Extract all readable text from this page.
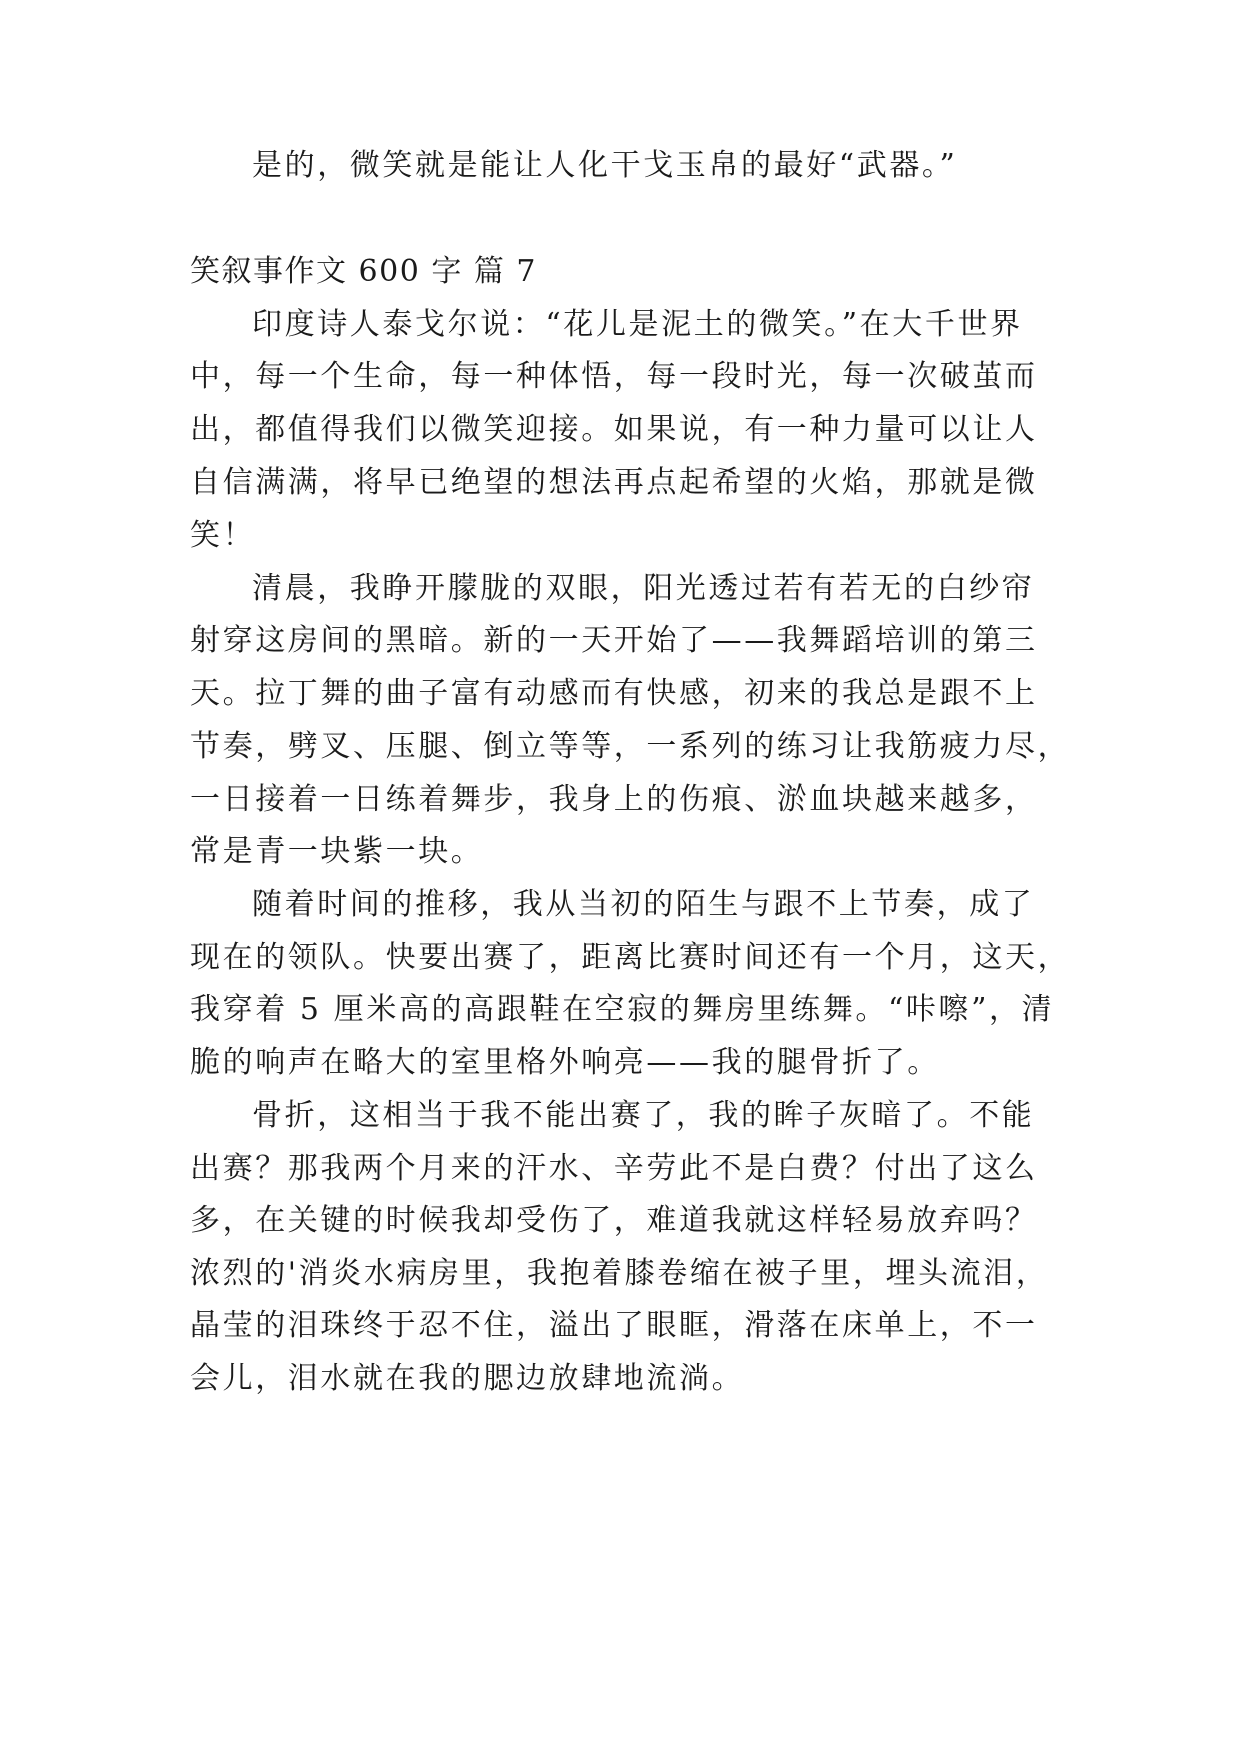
是的，微笑就是能让人化干戈玉帛的最好“武器。”

笑叙事作文 600 字 篇 7

印度诗人泰戈尔说：“花儿是泥土的微笑。”在大千世界

中，每一个生命，每一种体悟，每一段时光，每一次破茧而

出，都值得我们以微笑迎接。如果说，有一种力量可以让人

自信满满，将早已绝望的想法再点起希望的火焰，那就是微

笑！

清晨，我睁开朦胧的双眼，阳光透过若有若无的白纱帘

射穿这房间的黑暗。新的一天开始了——我舞蹈培训的第三

天。拉丁舞的曲子富有动感而有快感，初来的我总是跟不上

节奏，劈叉、压腿、倒立等等，一系列的练习让我筋疲力尽，

一日接着一日练着舞步，我身上的伤痕、淤血块越来越多，

常是青一块紫一块。

随着时间的推移，我从当初的陌生与跟不上节奏，成了

现在的领队。快要出赛了，距离比赛时间还有一个月，这天，

我穿着 5 厘米高的高跟鞋在空寂的舞房里练舞。“咔嚓”，清

脆的响声在略大的室里格外响亮——我的腿骨折了。

骨折，这相当于我不能出赛了，我的眸子灰暗了。不能

出赛？那我两个月来的汗水、辛劳此不是白费？付出了这么

多，在关键的时候我却受伤了，难道我就这样轻易放弃吗？

浓烈的'消炎水病房里，我抱着膝卷缩在被子里，埋头流泪，

晶莹的泪珠终于忍不住，溢出了眼眶，滑落在床单上，不一

会儿，泪水就在我的腮边放肆地流淌。
